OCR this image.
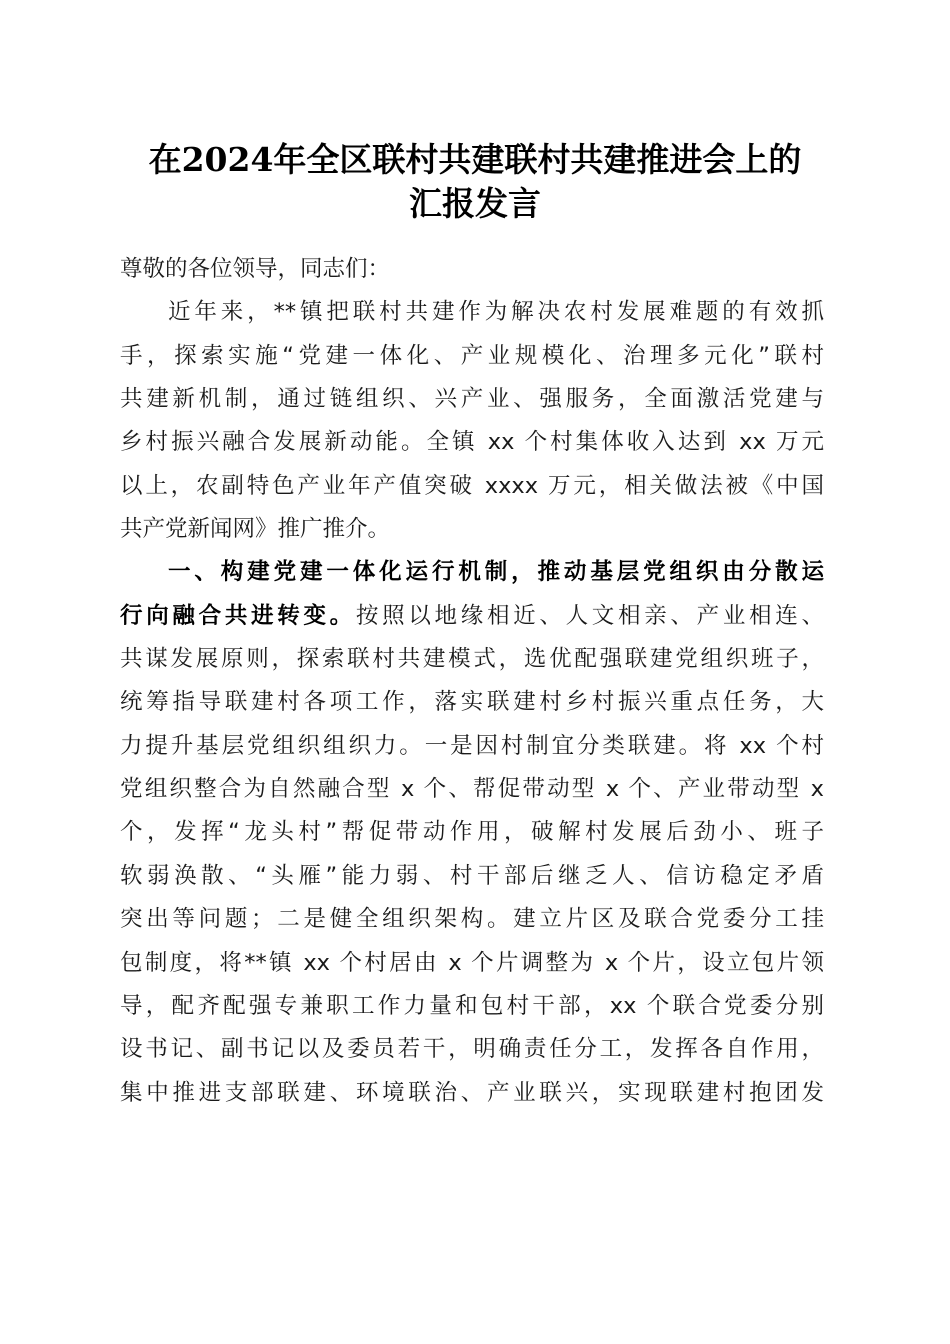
在2024年全区联村共建联村共建推进会上的
汇报发言
尊敬的各位领导，同志们：
近年来，**镇把联村共建作为解决农村发展难题的有效抓
手，探索实施“党建一体化、产业规模化、治理多元化”联村
共建新机制，通过链组织、兴产业、强服务，全面激活党建与
乡村振兴融合发展新动能。全镇 xx 个村集体收入达到 xx 万元
以上，农副特色产业年产值突破 xxxx 万元，相关做法被《中国
共产党新闻网》推广推介。
一、构建党建一体化运行机制，推动基层党组织由分散运
行向融合共进转变。按照以地缘相近、人文相亲、产业相连、
共谋发展原则，探索联村共建模式，选优配强联建党组织班子，
统筹指导联建村各项工作，落实联建村乡村振兴重点任务，大
力提升基层党组织组织力。一是因村制宜分类联建。将 xx 个村
党组织整合为自然融合型 x 个、帮促带动型 x 个、产业带动型 x
个，发挥“龙头村”帮促带动作用，破解村发展后劲小、班子
软弱涣散、“头雁”能力弱、村干部后继乏人、信访稳定矛盾
突出等问题；二是健全组织架构。建立片区及联合党委分工挂
包制度，将**镇 xx 个村居由 x 个片调整为 x 个片，设立包片领
导，配齐配强专兼职工作力量和包村干部，xx 个联合党委分别
设书记、副书记以及委员若干，明确责任分工，发挥各自作用，
集中推进支部联建、环境联治、产业联兴，实现联建村抱团发
